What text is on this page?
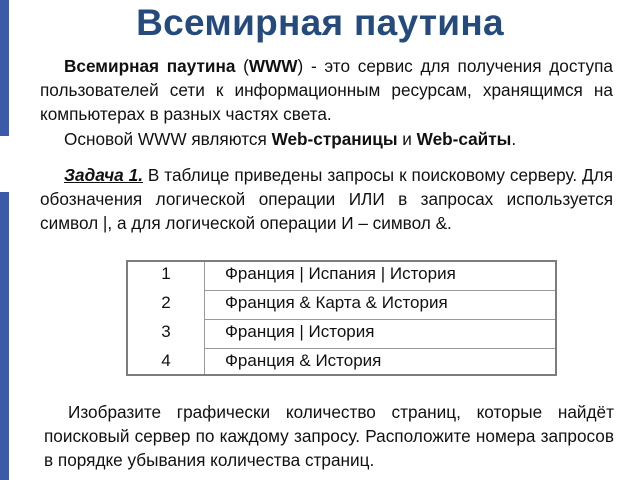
Всемирная паутина
Всемирная паутина (WWW) - это сервис для получения доступа пользователей сети к информационным ресурсам, хранящимся на компьютерах в разных частях света.
Основой WWW являются Web-страницы и Web-сайты.
Задача 1. В таблице приведены запросы к поисковому серверу. Для обозначения логической операции ИЛИ в запросах используется символ |, а для логической операции И – символ &.
1	Франция | Испания | История
2	Франция & Карта & История
3	Франция | История
4	Франция & История
Изобразите графически количество страниц, которые найдёт поисковый сервер по каждому запросу. Расположите номера запросов в порядке убывания количества страниц.
